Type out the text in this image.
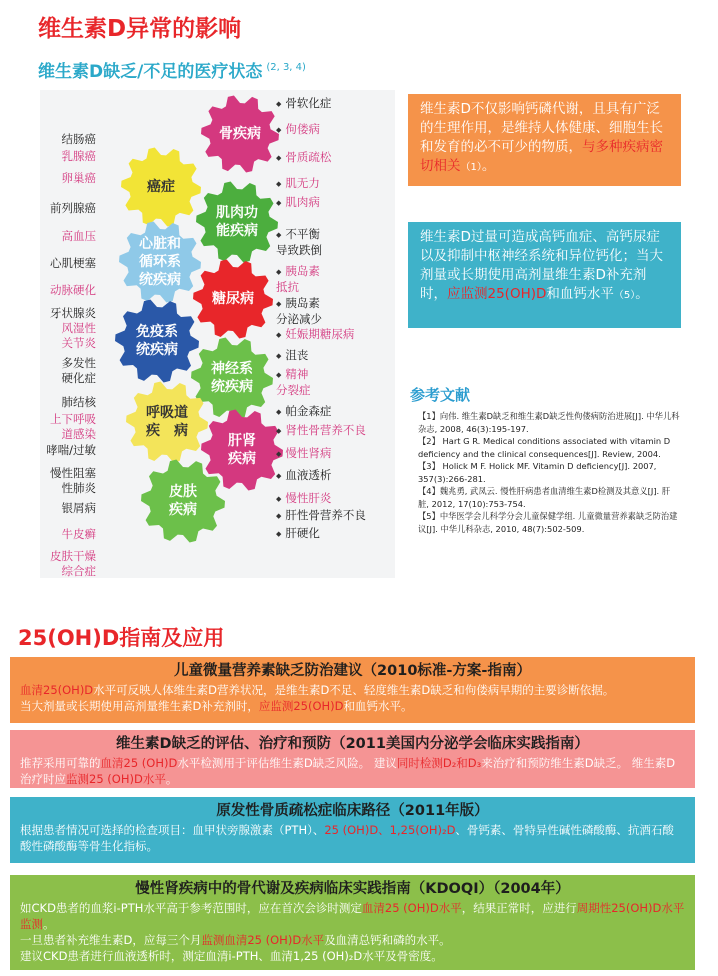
维生素D异常的影响
维生素D缺乏/不足的医疗状态 $^{(2, 3, 4)}$
骨疾病
癌症
肌肉功
能疾病
心脏和
循环系
统疾病
糖尿病
免疫系
统疾病
神经系
统疾病
呼吸道
疾　病
肝肾
疾病
皮肤
疾病
结肠癌
乳腺癌
卵巢癌
前列腺癌
高血压
心肌梗塞
动脉硬化
牙状腺炎
风湿性
关节炎
多发性
硬化症
肺结核
上下呼吸
道感染
哮喘/过敏
慢性阻塞
性肺炎
银屑病
牛皮癣
皮肤干燥
综合症
◆ 骨软化症
◆ 佝偻病
◆ 骨质疏松
◆ 肌无力
◆ 肌肉病
◆ 不平衡
导致跌倒
◆ 胰岛素
抵抗
◆ 胰岛素
分泌减少
◆ 妊娠期糖尿病
◆ 沮丧
◆ 精神
分裂症
◆ 帕金森症
◆ 肾性骨营养不良
◆ 慢性肾病
◆ 血液透析
◆ 慢性肝炎
◆ 肝性骨营养不良
◆ 肝硬化
维生素D不仅影响钙磷代谢，且具有广泛的生理作用，是维持人体健康、细胞生长和发育的必不可少的物质，与多种疾病密切相关（1）。
维生素D过量可造成高钙血症、高钙尿症以及抑制中枢神经系统和异位钙化；当大剂量或长期使用高剂量维生素D补充剂时，应监测25(OH)D和血钙水平（5）。
参考文献

【1】向伟. 维生素D缺乏和维生素D缺乏性佝偻病防治进展[J]. 中华儿科杂志, 2008, 46(3):195-197.

【2】 Hart G R. Medical conditions associated with vitamin D deficiency and the clinical consequences[J]. Review, 2004.

【3】 Holick M F. Holick MF. Vitamin D deficiency[J]. 2007, 357(3):266-281.

【4】魏兆勇, 武凤云. 慢性肝病患者血清维生素D检测及其意义[J]. 肝脏, 2012, 17(10):753-754.

【5】中华医学会儿科学分会儿童保健学组. 儿童微量营养素缺乏防治建议[J]. 中华儿科杂志, 2010, 48(7):502-509.

25(OH)D指南及应用
儿童微量营养素缺乏防治建议（2010标准-方案-指南）
血清25(OH)D水平可反映人体维生素D营养状况，是维生素D不足、轻度维生素D缺乏和佝偻病早期的主要诊断依据。
当大剂量或长期使用高剂量维生素D补充剂时，应监测25(OH)D和血钙水平。
维生素D缺乏的评估、治疗和预防（2011美国内分泌学会临床实践指南）
推荐采用可靠的血清25 (OH)D水平检测用于评估维生素D缺乏风险。 建议同时检测D₂和D₃来治疗和预防维生素D缺乏。 维生素D治疗时应监测25 (OH)D水平。
原发性骨质疏松症临床路径（2011年版）
根据患者情况可选择的检查项目：血甲状旁腺激素（PTH）、25 (OH)D、1,25(OH)₂D、骨钙素、骨特异性碱性磷酸酶、抗酒石酸酸性磷酸酶等骨生化指标。
慢性肾疾病中的骨代谢及疾病临床实践指南（KDOQI）（2004年）
如CKD患者的血浆i-PTH水平高于参考范围时，应在首次会诊时测定血清25 (OH)D水平，结果正常时，应进行周期性25(OH)D水平监测。
一旦患者补充维生素D，应每三个月监测血清25 (OH)D水平及血清总钙和磷的水平。
建议CKD患者进行血液透析时，测定血清i-PTH、血清1,25 (OH)₂D水平及骨密度。
